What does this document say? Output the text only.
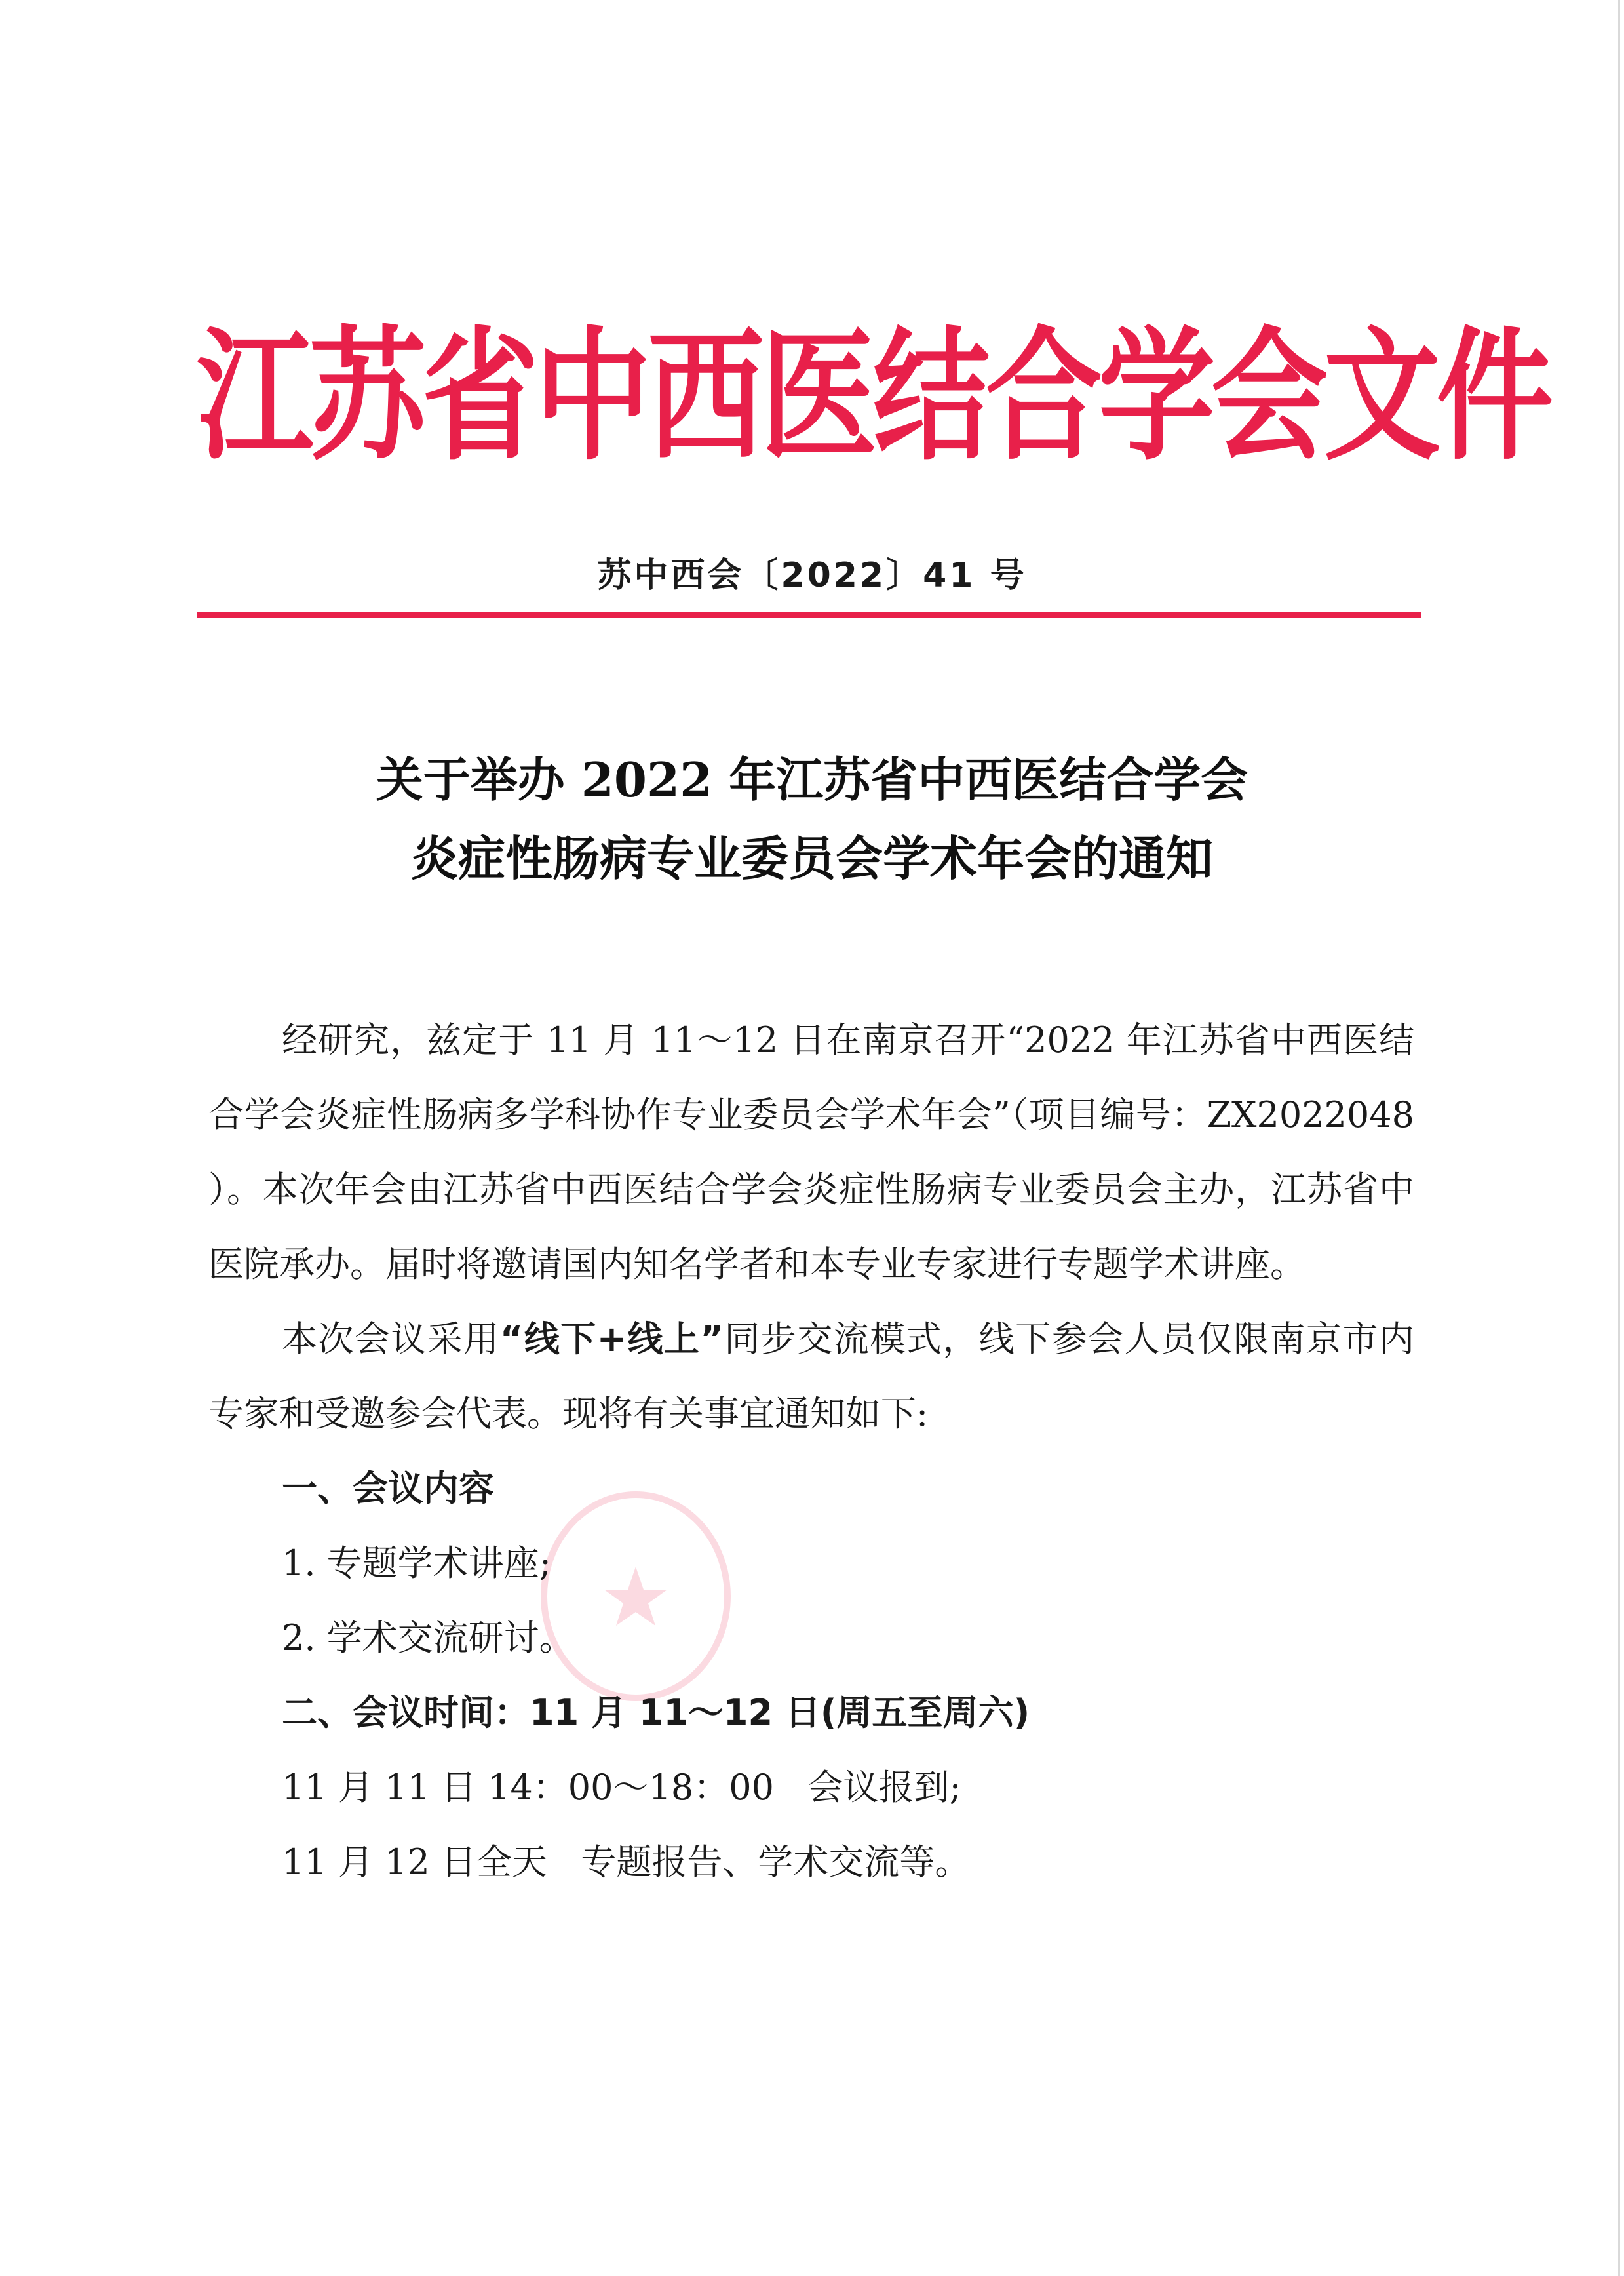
江苏省中西医结合学会文件
苏中西会〔2022〕41 号
关于举办 2022 年江苏省中西医结合学会
炎症性肠病专业委员会学术年会的通知

经研究，兹定于 11 月 11～12 日在南京召开“2022 年江苏省中西医结合学会炎症性肠病多学科协作专业委员会学术年会”（项目编号：ZX2022048 ）。本次年会由江苏省中西医结合学会炎症性肠病专业委员会主办，江苏省中医院承办。届时将邀请国内知名学者和本专业专家进行专题学术讲座。

本次会议采用“线下+线上”同步交流模式，线下参会人员仅限南京市内专家和受邀参会代表。现将有关事宜通知如下:

一、会议内容

1. 专题学术讲座;

2. 学术交流研讨。

二、会议时间：11 月 11～12 日(周五至周六)

11 月 11 日 14：00～18：00   会议报到;

11 月 12 日全天   专题报告、学术交流等。
